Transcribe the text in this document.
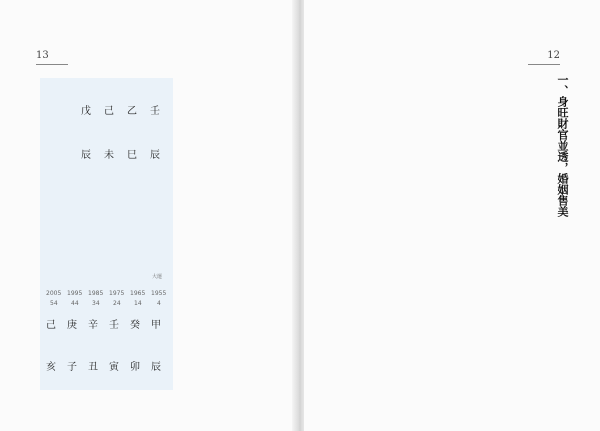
13
壬
乙
己
戊
辰
巳
未
辰
大運
2005 1995 1985 1975 1965 1955
54 44 34 24 14	4
己 庚 辛 壬 癸 甲
亥 子 丑 寅 卯 辰
12
一、身旺財官並透，婚姻售美
